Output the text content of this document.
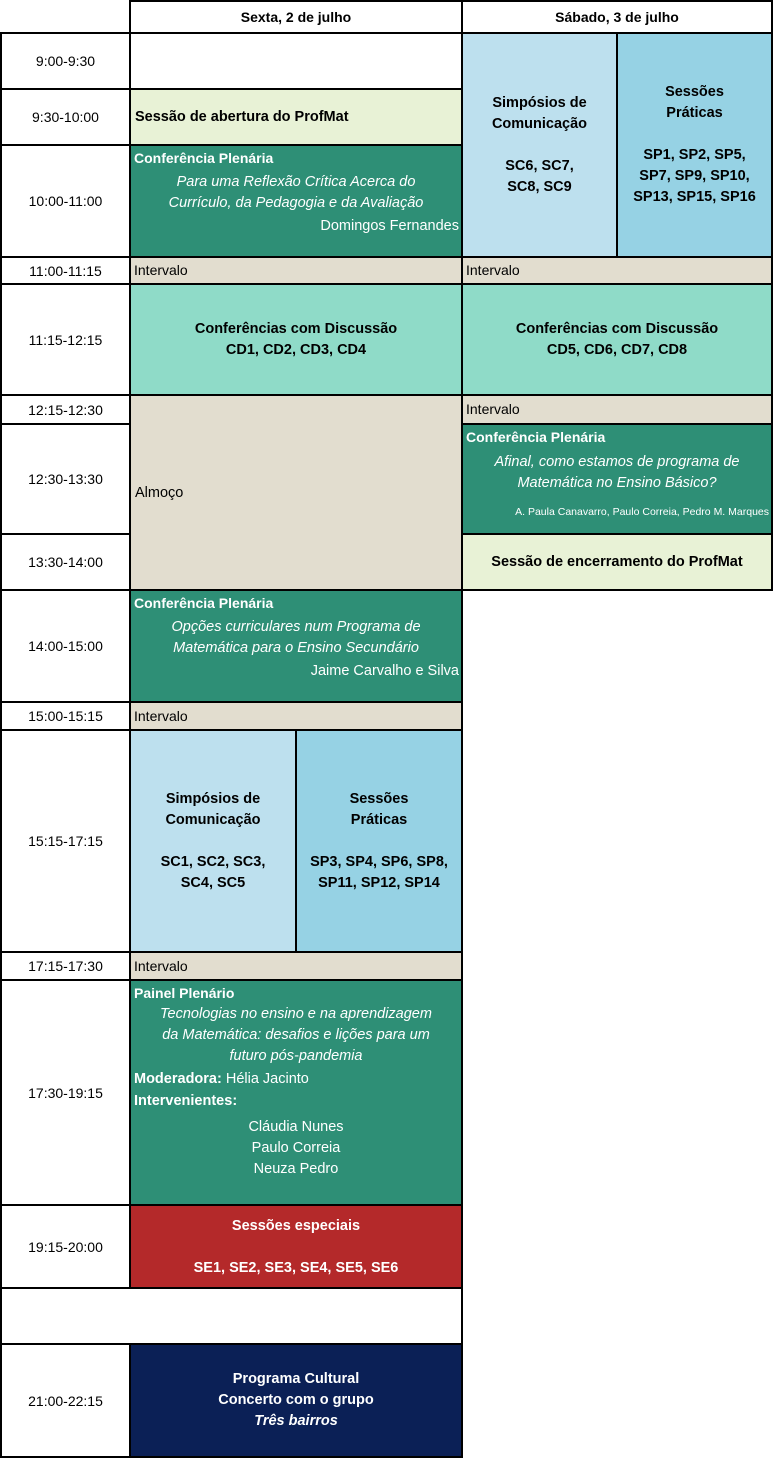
Sexta, 2 de julho	Sábado, 3 de julho
9:00-9:30
9:30-10:00
10:00-11:00
11:00-11:15
11:15-12:15
12:15-12:30
12:30-13:30
13:30-14:00
14:00-15:00
15:00-15:15
15:15-17:15
17:15-17:30
17:30-19:15
19:15-20:00
21:00-22:15
Sessão de abertura do ProfMat
Conferência Plenária
Para uma Reflexão Crítica Acerca do
Currículo, da Pedagogia e da Avaliação
Domingos Fernandes
Intervalo
Conferências com Discussão
CD1, CD2, CD3, CD4
Almoço
Conferência Plenária
Opções curriculares num Programa de
Matemática para o Ensino Secundário
Jaime Carvalho e Silva
Intervalo
Simpósios de
Comunicação
SC1, SC2, SC3,
SC4, SC5
Sessões
Práticas
SP3, SP4, SP6, SP8,
SP11, SP12, SP14
Intervalo
Painel Plenário
Tecnologias no ensino e na aprendizagem
da Matemática: desafios e lições para um
futuro pós-pandemia
Moderadora: Hélia Jacinto
Intervenientes:
Cláudia Nunes
Paulo Correia
Neuza Pedro
Sessões especiais
SE1, SE2, SE3, SE4, SE5, SE6
Programa Cultural
Concerto com o grupo
Três bairros
Simpósios de
Comunicação
SC6, SC7,
SC8, SC9
Sessões
Práticas
SP1, SP2, SP5,
SP7, SP9, SP10,
SP13, SP15, SP16
Intervalo
Conferências com Discussão
CD5, CD6, CD7, CD8
Intervalo
Conferência Plenária
Afinal, como estamos de programa de
Matemática no Ensino Básico?
A. Paula Canavarro, Paulo Correia, Pedro M. Marques
Sessão de encerramento do ProfMat
